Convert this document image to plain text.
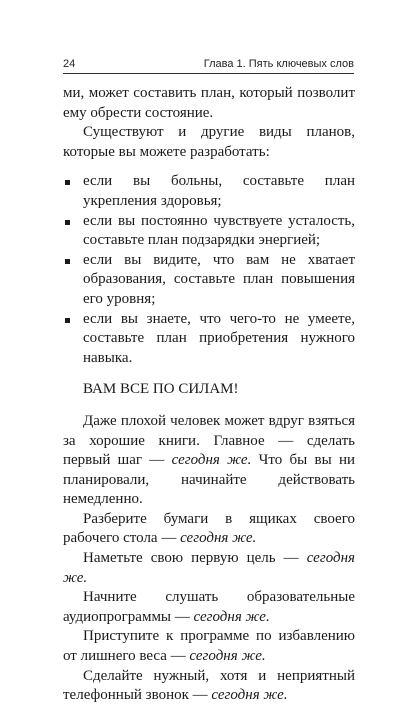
24	Глава 1. Пять ключевых слов

ми, может составить план, который позволит ему обрести состояние.

Существуют и другие виды планов, которые вы можете разработать:

если вы больны, составьте план укрепления здоровья;
если вы постоянно чувствуете усталость, составьте план подзарядки энергией;
если вы видите, что вам не хватает образования, составьте план повышения его уровня;
если вы знаете, что чего-то не умеете, составьте план приобретения нужного навыка.
ВАМ ВСЕ ПО СИЛАМ!

Даже плохой человек может вдруг взяться за хорошие книги. Главное — сделать первый шаг — сегодня же. Что бы вы ни планировали, начинайте действовать немедленно.

Разберите бумаги в ящиках своего рабочего стола — сегодня же.

Наметьте свою первую цель — сегодня же.

Начните слушать образовательные аудиопрограммы — сегодня же.

Приступите к программе по избавлению от лишнего веса — сегодня же.

Сделайте нужный, хотя и неприятный телефонный звонок — сегодня же.
